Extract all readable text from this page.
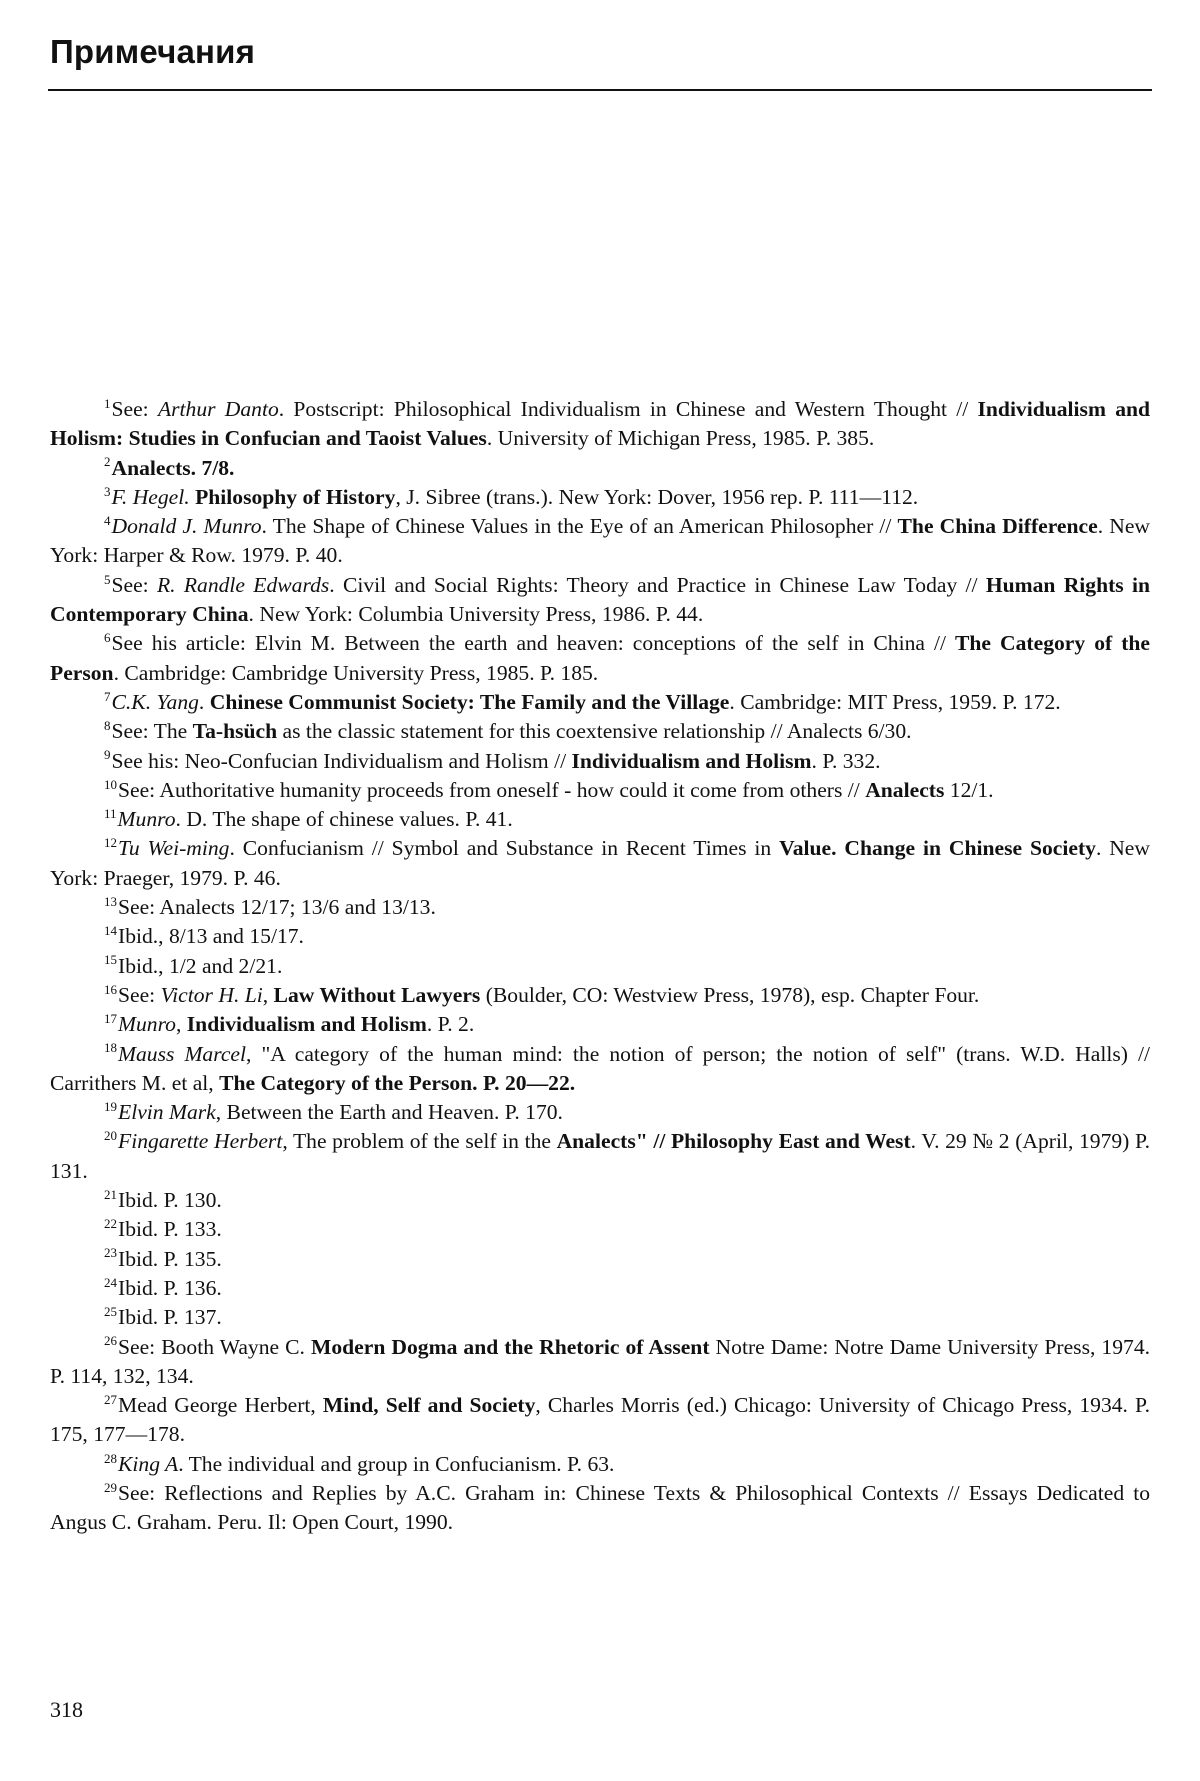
Примечания

$^1$See: Arthur Danto. Postscript: Philosophical Individualism in Chinese and Western Thought // Individualism and Holism: Studies in Confucian and Taoist Values. University of Michigan Press, 1985. P. 385.

$^2$Analects. 7/8.

$^3$F. Hegel. Philosophy of History, J. Sibree (trans.). New York: Dover, 1956 rep. P. 111—112.

$^4$Donald J. Munro. The Shape of Chinese Values in the Eye of an American Philosopher // The China Difference. New York: Harper & Row. 1979. P. 40.

$^5$See: R. Randle Edwards. Civil and Social Rights: Theory and Practice in Chinese Law Today // Human Rights in Contemporary China. New York: Columbia University Press, 1986. P. 44.

$^6$See his article: Elvin M. Between the earth and heaven: conceptions of the self in China // The Category of the Person. Cambridge: Cambridge University Press, 1985. P. 185.

$^7$C.K. Yang. Chinese Communist Society: The Family and the Village. Cambridge: MIT Press, 1959. P. 172.

$^8$See: The Ta-hsüch as the classic statement for this coextensive relationship // Analects 6/30.

$^9$See his: Neo-Confucian Individualism and Holism // Individualism and Holism. P. 332.

$^{10}$See: Authoritative humanity proceeds from oneself - how could it come from others // Analects 12/1.

$^{11}$Munro. D. The shape of chinese values. P. 41.

$^{12}$Tu Wei-ming. Confucianism // Symbol and Substance in Recent Times in Value. Change in Chinese Society. New York: Praeger, 1979. P. 46.

$^{13}$See: Analects 12/17; 13/6 and 13/13.

$^{14}$Ibid., 8/13 and 15/17.

$^{15}$Ibid., 1/2 and 2/21.

$^{16}$See: Victor H. Li, Law Without Lawyers (Boulder, CO: Westview Press, 1978), esp. Chapter Four.

$^{17}$Munro, Individualism and Holism. P. 2.

$^{18}$Mauss Marcel, "A category of the human mind: the notion of person; the notion of self" (trans. W.D. Halls) // Carrithers M. et al, The Category of the Person. P. 20—22.

$^{19}$Elvin Mark, Between the Earth and Heaven. P. 170.

$^{20}$Fingarette Herbert, The problem of the self in the Analects" // Philosophy East and West. V. 29 № 2 (April, 1979) P. 131.

$^{21}$Ibid. P. 130.

$^{22}$Ibid. P. 133.

$^{23}$Ibid. P. 135.

$^{24}$Ibid. P. 136.

$^{25}$Ibid. P. 137.

$^{26}$See: Booth Wayne C. Modern Dogma and the Rhetoric of Assent Notre Dame: Notre Dame University Press, 1974. P. 114, 132, 134.

$^{27}$Mead George Herbert, Mind, Self and Society, Charles Morris (ed.) Chicago: University of Chicago Press, 1934. P. 175, 177—178.

$^{28}$King A. The individual and group in Confucianism. P. 63.

$^{29}$See: Reflections and Replies by A.C. Graham in: Chinese Texts & Philosophical Contexts // Essays Dedicated to Angus C. Graham. Peru. Il: Open Court, 1990.

318
